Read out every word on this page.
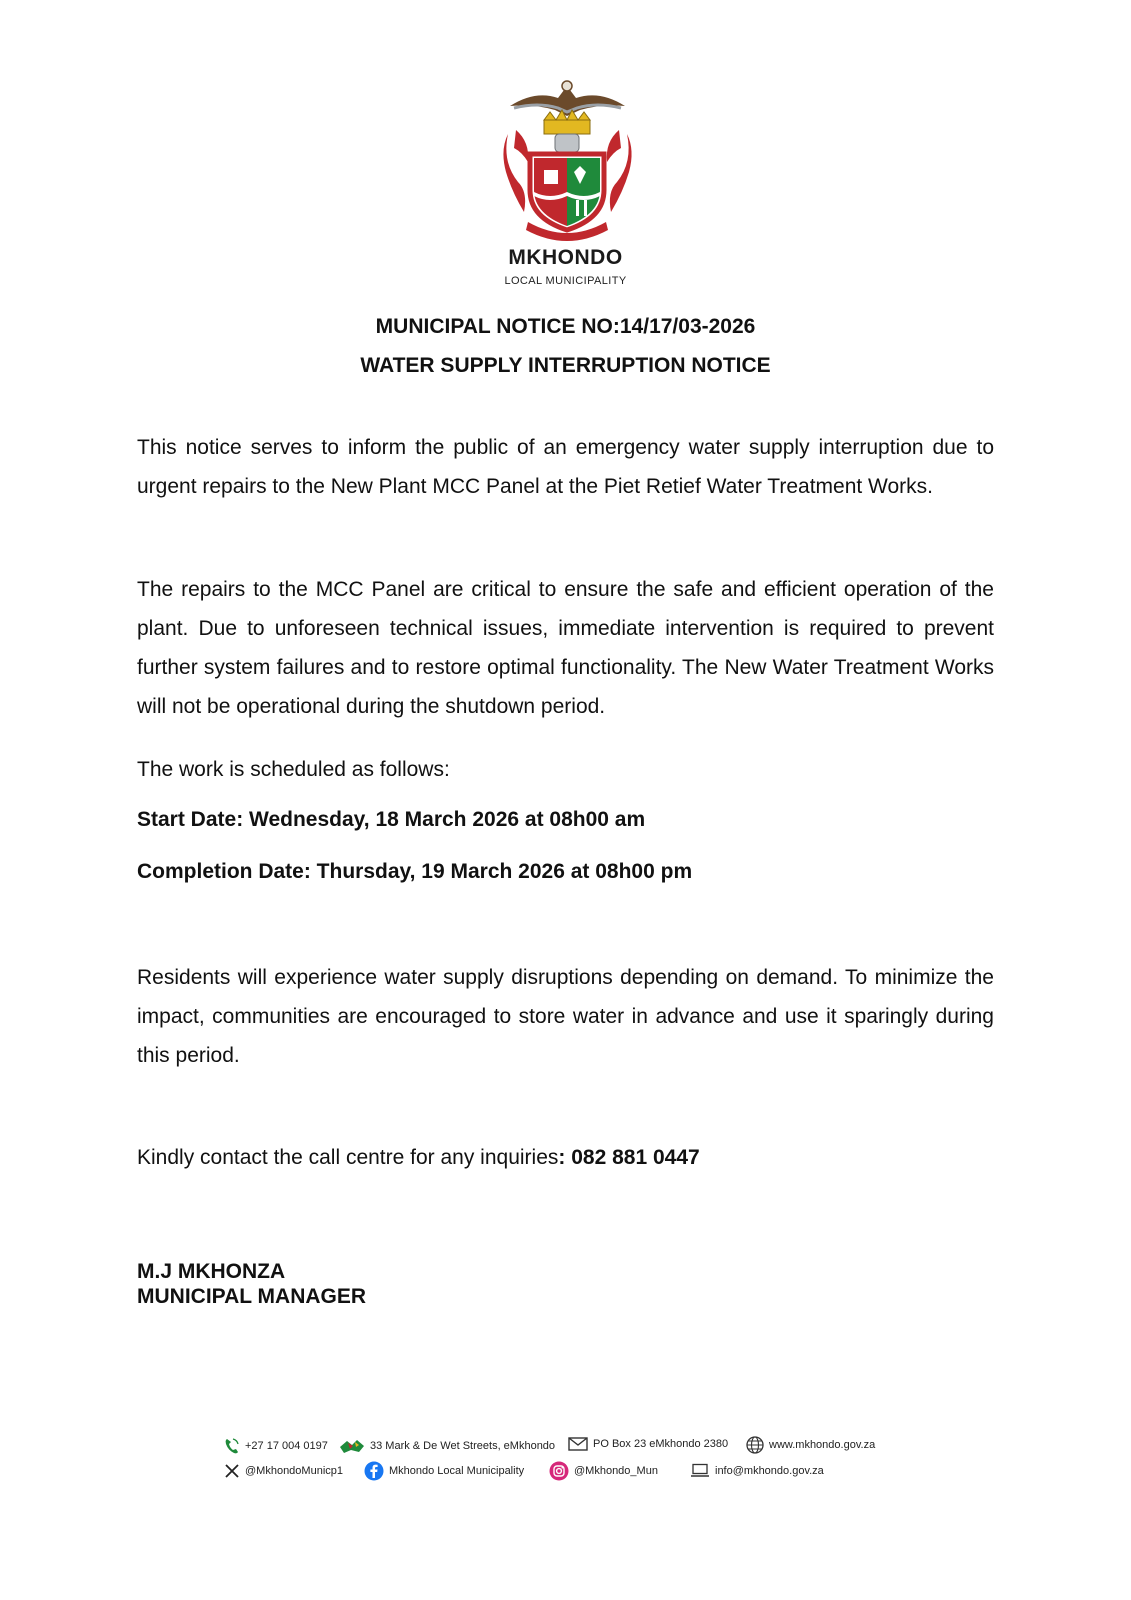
MKHONDO
LOCAL MUNICIPALITY
MUNICIPAL NOTICE NO:14/17/03-2026
WATER SUPPLY INTERRUPTION NOTICE
This notice serves to inform the public of an emergency water supply interruption due to urgent repairs to the New Plant MCC Panel at the Piet Retief Water Treatment Works.
The repairs to the MCC Panel are critical to ensure the safe and efficient operation of the plant. Due to unforeseen technical issues, immediate intervention is required to prevent further system failures and to restore optimal functionality. The New Water Treatment Works will not be operational during the shutdown period.
The work is scheduled as follows:
Start Date: Wednesday, 18 March 2026 at 08h00 am
Completion Date: Thursday, 19 March 2026 at 08h00 pm
Residents will experience water supply disruptions depending on demand. To minimize the impact, communities are encouraged to store water in advance and use it sparingly during this period.
Kindly contact the call centre for any inquiries: 082 881 0447
M.J MKHONZA
MUNICIPAL MANAGER
+27 17 004 0197	33 Mark & De Wet Streets, eMkhondo	PO Box 23 eMkhondo 2380	www.mkhondo.gov.za
@MkhondoMunicp1	Mkhondo Local Municipality	@Mkhondo_Mun	info@mkhondo.gov.za
